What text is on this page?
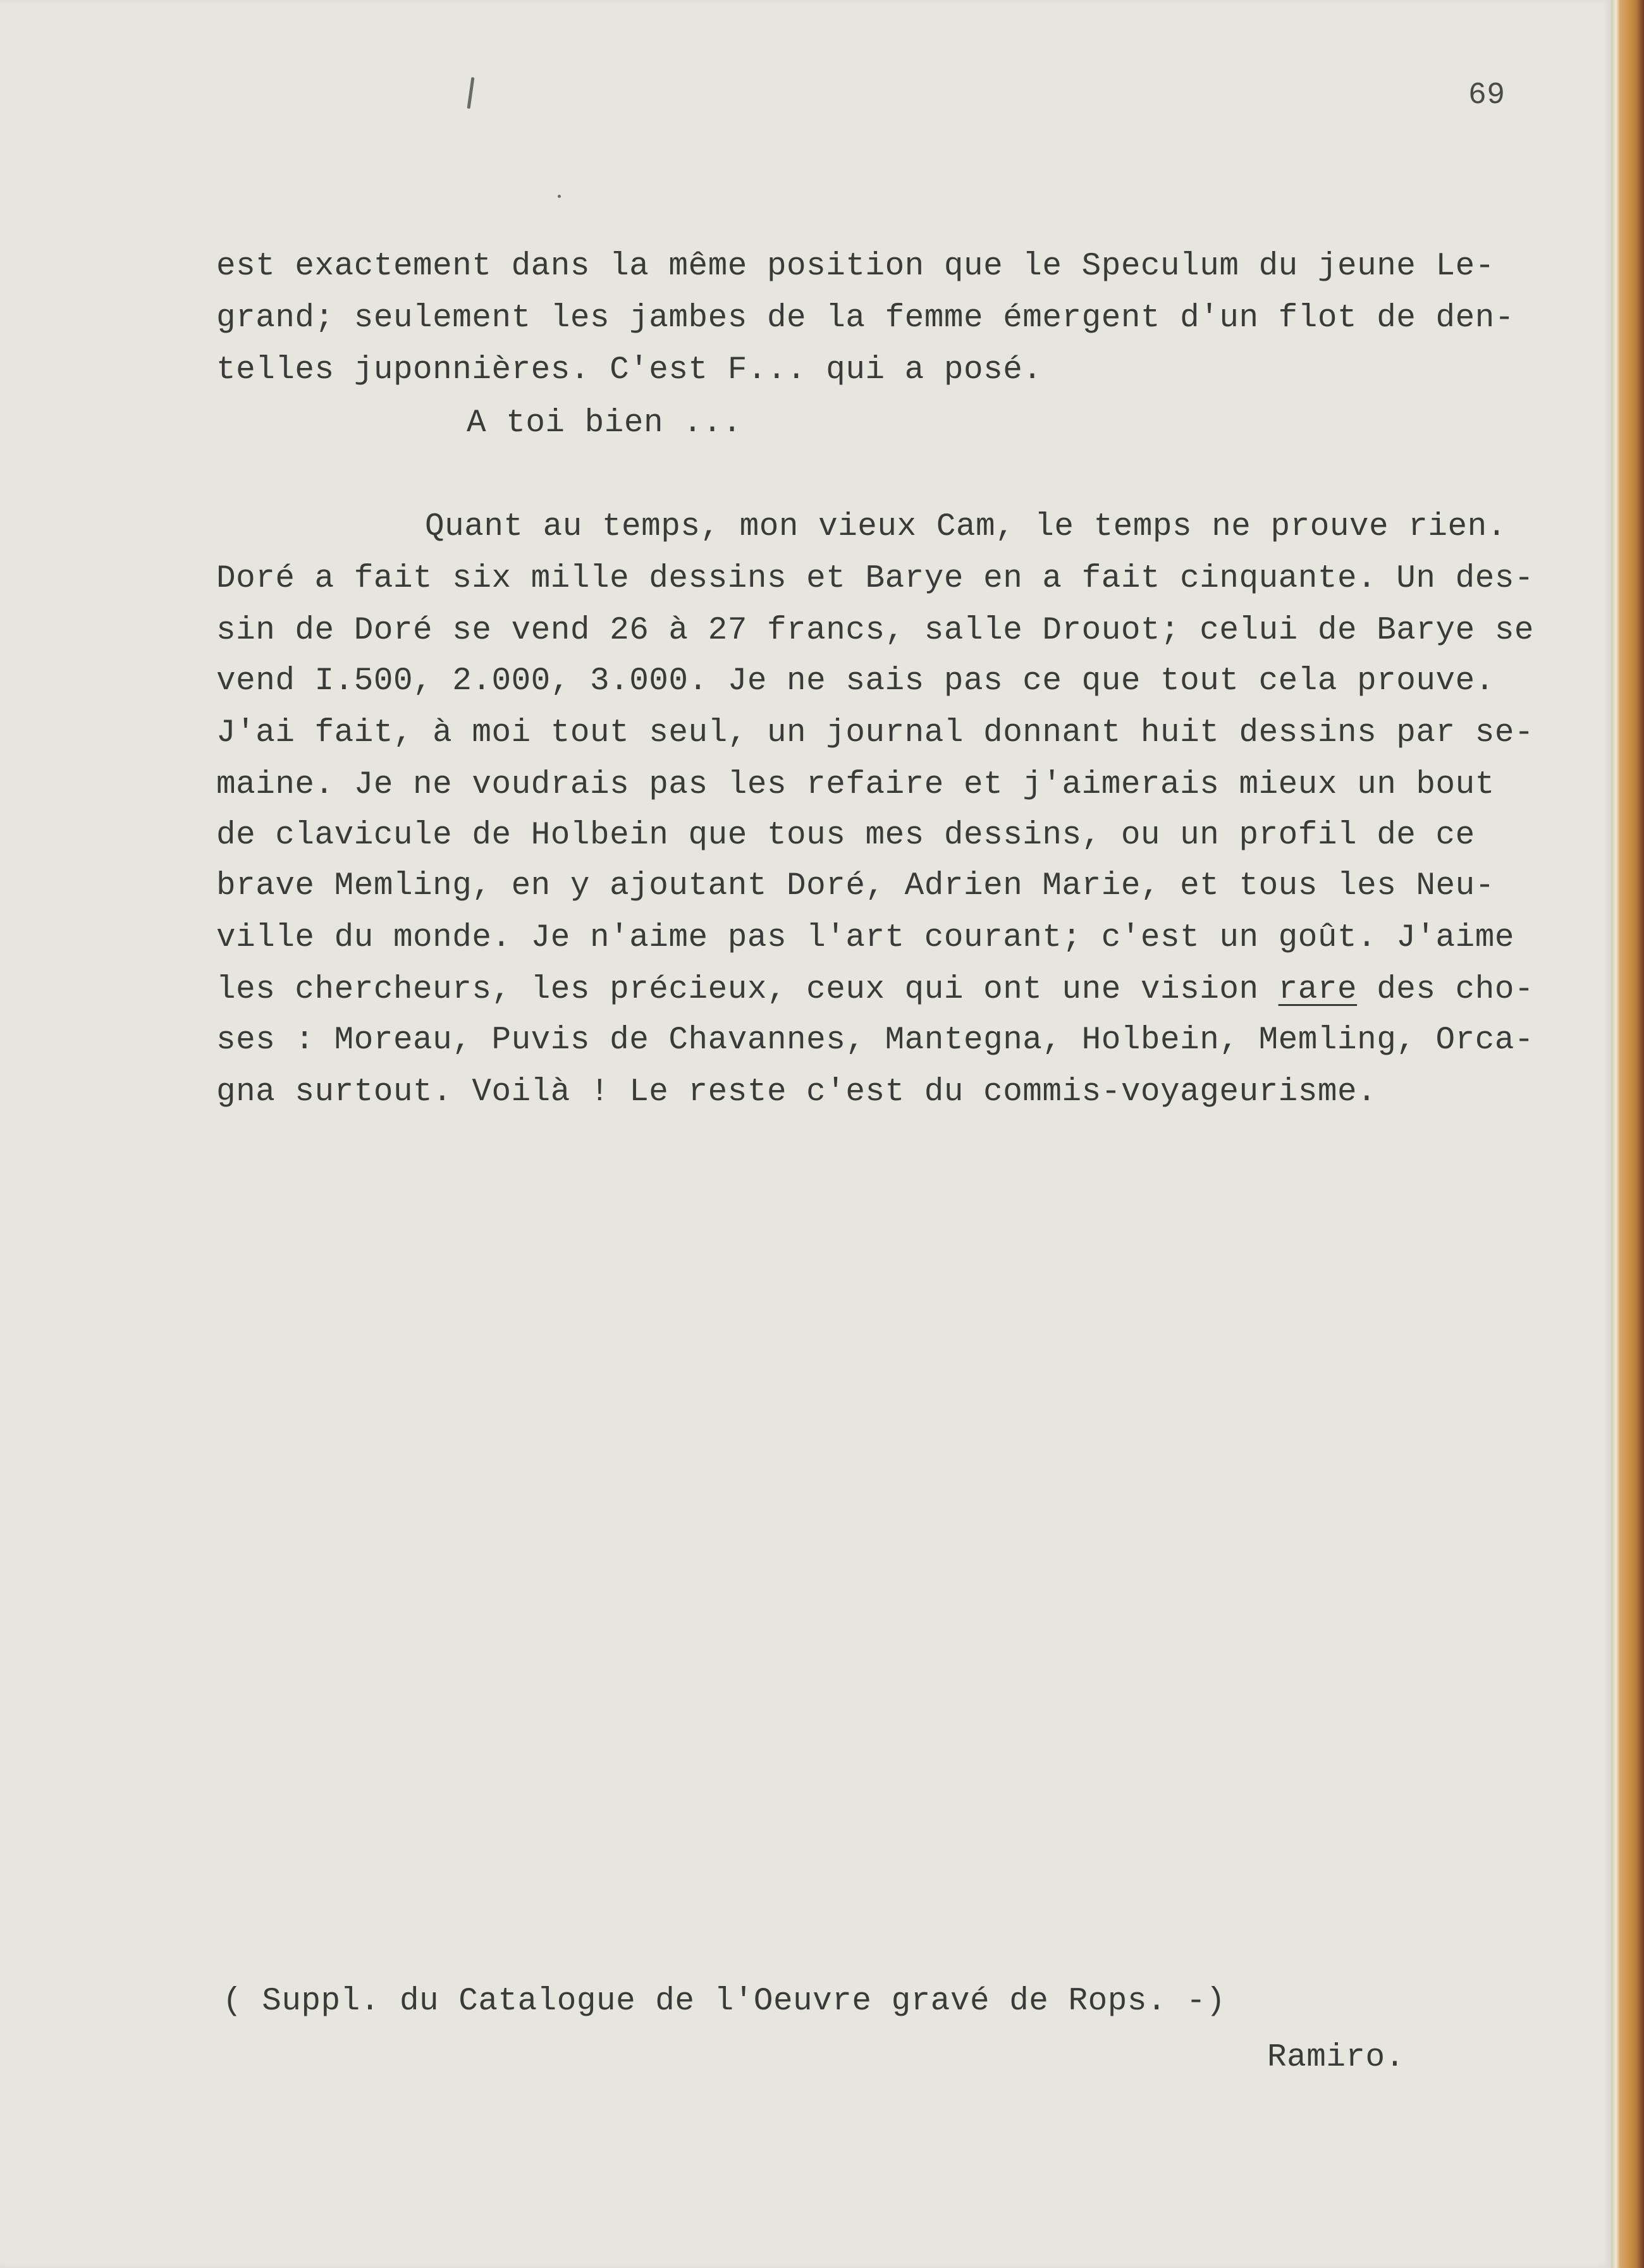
69

est exactement dans la même position que le Speculum du jeune Le-

grand; seulement les jambes de la femme émergent d'un flot de den-

telles juponnières. C'est F... qui a posé.

A toi bien ...

Quant au temps, mon vieux Cam, le temps ne prouve rien.

Doré a fait six mille dessins et Barye en a fait cinquante. Un des-

sin de Doré se vend 26 à 27 francs, salle Drouot; celui de Barye se

vend I.500, 2.000, 3.000. Je ne sais pas ce que tout cela prouve.

J'ai fait, à moi tout seul, un journal donnant huit dessins par se-

maine. Je ne voudrais pas les refaire et j'aimerais mieux un bout

de clavicule de Holbein que tous mes dessins, ou un profil de ce

brave Memling, en y ajoutant Doré, Adrien Marie, et tous les Neu-

ville du monde. Je n'aime pas l'art courant; c'est un goût. J'aime

les chercheurs, les précieux, ceux qui ont une vision rare des cho-

ses : Moreau, Puvis de Chavannes, Mantegna, Holbein, Memling, Orca-

gna surtout. Voilà ! Le reste c'est du commis-voyageurisme.

( Suppl. du Catalogue de l'Oeuvre gravé de Rops. -)

Ramiro.
